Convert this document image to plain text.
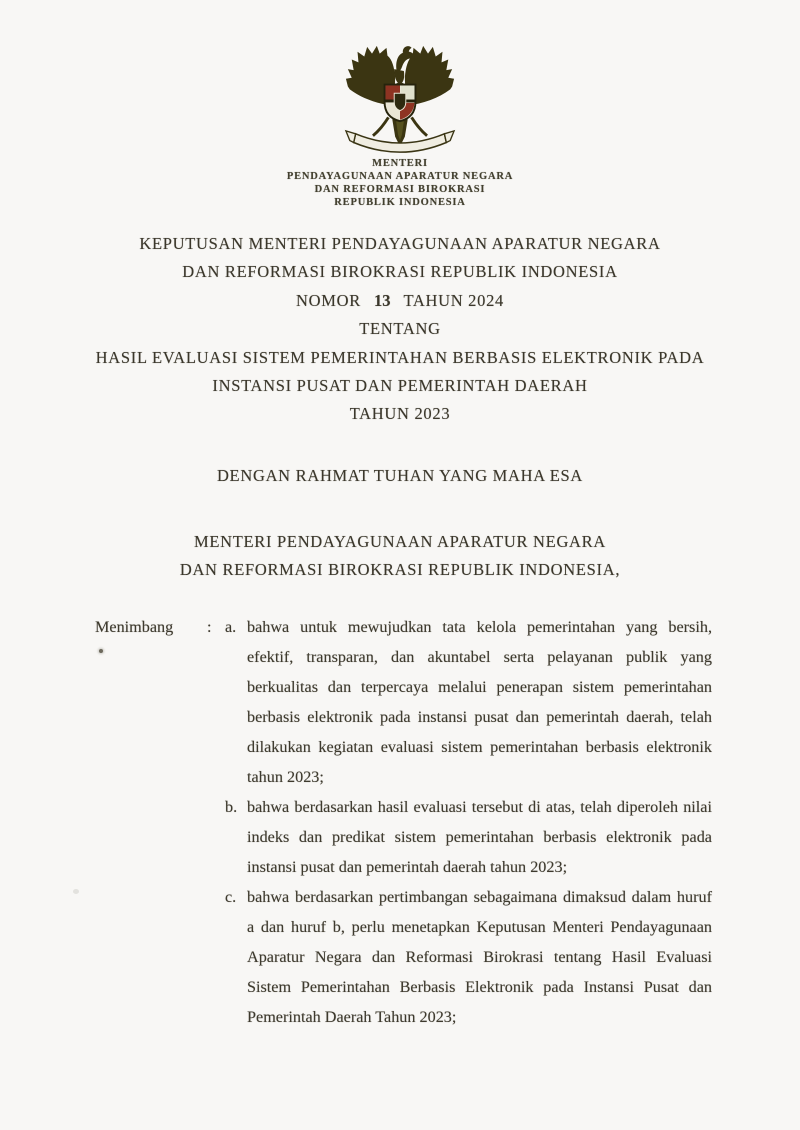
MENTERI
PENDAYAGUNAAN APARATUR NEGARA
DAN REFORMASI BIROKRASI
REPUBLIK INDONESIA
KEPUTUSAN MENTERI PENDAYAGUNAAN APARATUR NEGARA
DAN REFORMASI BIROKRASI REPUBLIK INDONESIA
NOMOR 13 TAHUN 2024
TENTANG
HASIL EVALUASI SISTEM PEMERINTAHAN BERBASIS ELEKTRONIK PADA
INSTANSI PUSAT DAN PEMERINTAH DAERAH
TAHUN 2023
DENGAN RAHMAT TUHAN YANG MAHA ESA
MENTERI PENDAYAGUNAAN APARATUR NEGARA
DAN REFORMASI BIROKRASI REPUBLIK INDONESIA,
Menimbang	: a. bahwa untuk mewujudkan tata kelola pemerintahan yang bersih, efektif, transparan, dan akuntabel serta pelayanan publik yang berkualitas dan terpercaya melalui penerapan sistem pemerintahan berbasis elektronik pada instansi pusat dan pemerintah daerah, telah dilakukan kegiatan evaluasi sistem pemerintahan berbasis elektronik tahun 2023;
b. bahwa berdasarkan hasil evaluasi tersebut di atas, telah diperoleh nilai indeks dan predikat sistem pemerintahan berbasis elektronik pada instansi pusat dan pemerintah daerah tahun 2023;
c. bahwa berdasarkan pertimbangan sebagaimana dimaksud dalam huruf a dan huruf b, perlu menetapkan Keputusan Menteri Pendayagunaan Aparatur Negara dan Reformasi Birokrasi tentang Hasil Evaluasi Sistem Pemerintahan Berbasis Elektronik pada Instansi Pusat dan Pemerintah Daerah Tahun 2023;
